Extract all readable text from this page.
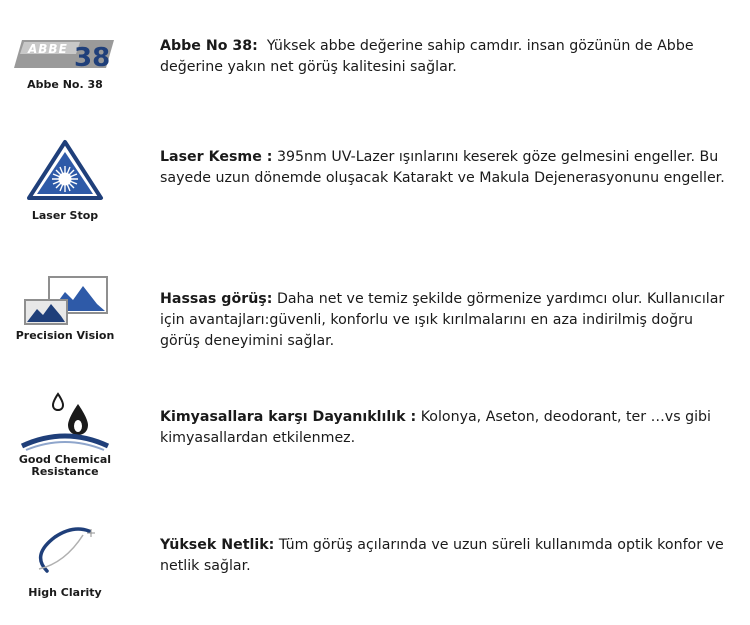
ABBE 38
Abbe No. 38
Abbe No 38: Yüksek abbe değerine sahip camdır. insan gözünün de Abbe değerine yakın net görüş kalitesini sağlar.
Laser Stop
Laser Kesme : 395nm UV-Lazer ışınlarını keserek göze gelmesini engeller. Bu sayede uzun dönemde oluşacak Katarakt ve Makula Dejenerasyonunu engeller.
Precision Vision
Hassas görüş: Daha net ve temiz şekilde görmenize yardımcı olur. Kullanıcılar için avantajları:güvenli, konforlu ve ışık kırılmalarını en aza indirilmiş doğru görüş deneyimini sağlar.
Good Chemical
Resistance
Kimyasallara karşı Dayanıklılık : Kolonya, Aseton, deodorant, ter …vs gibi kimyasallardan etkilenmez.
High Clarity
Yüksek Netlik: Tüm görüş açılarında ve uzun süreli kullanımda optik konfor ve netlik sağlar.
